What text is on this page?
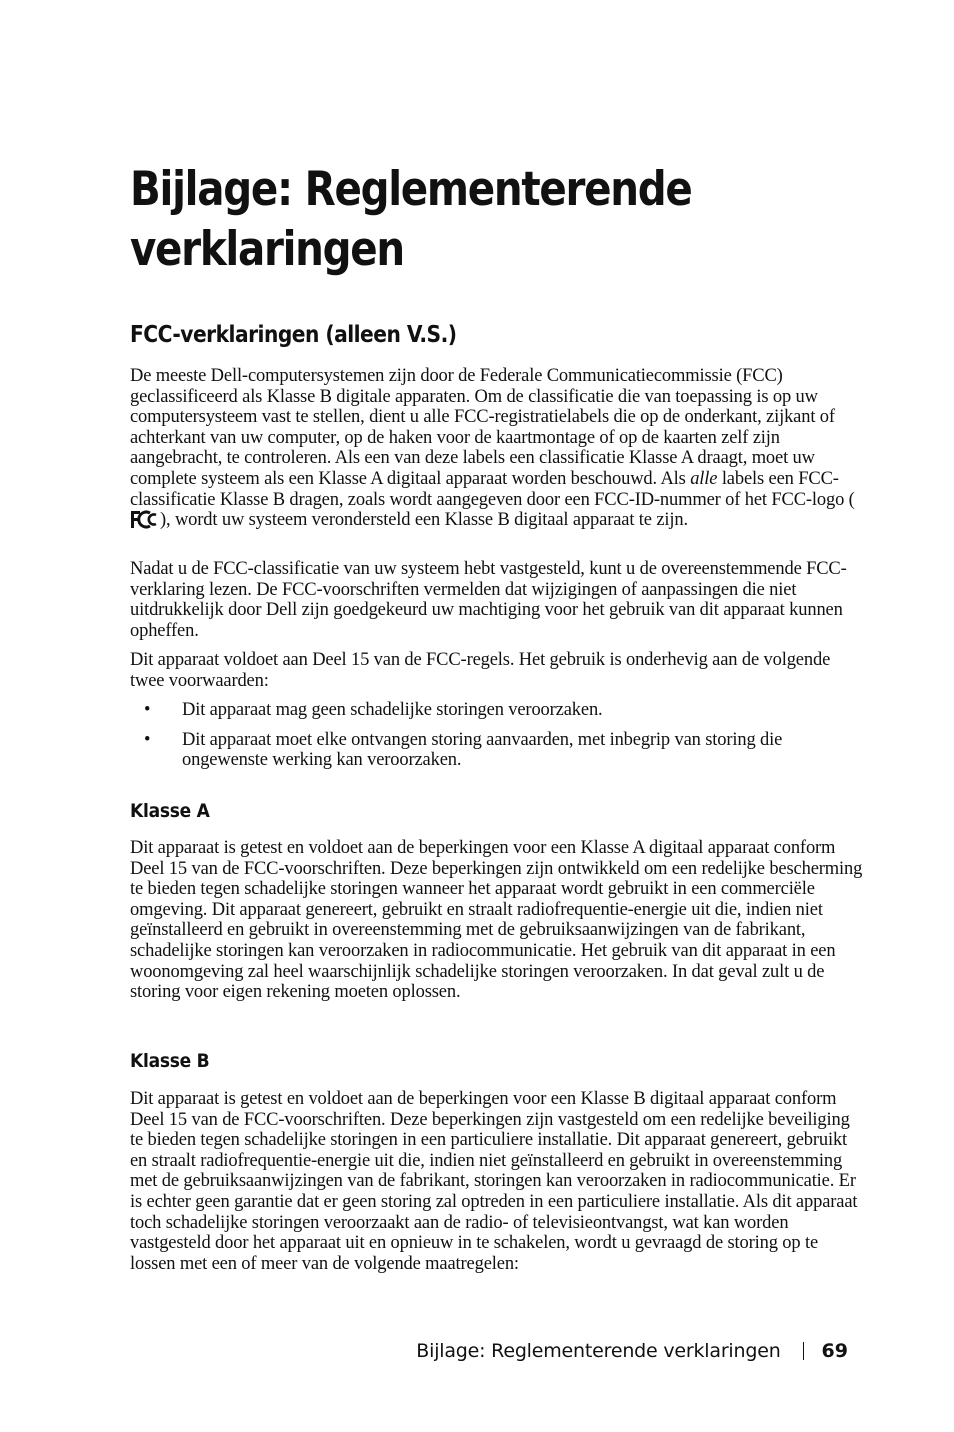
Bijlage: Reglementerende verklaringen
FCC-verklaringen (alleen V.S.)

De meeste Dell-computersystemen zijn door de Federale Communicatiecommissie (FCC) geclassificeerd als Klasse B digitale apparaten. Om de classificatie die van toepassing is op uw computersysteem vast te stellen, dient u alle FCC-registratielabels die op de onderkant, zijkant of achterkant van uw computer, op de haken voor de kaartmontage of op de kaarten zelf zijn aangebracht, te controleren. Als een van deze labels een classificatie Klasse A draagt, moet uw complete systeem als een Klasse A digitaal apparaat worden beschouwd. Als alle labels een FCC-classificatie Klasse B dragen, zoals wordt aangegeven door een FCC-ID-nummer of het FCC-logo (), wordt uw systeem verondersteld een Klasse B digitaal apparaat te zijn.

Nadat u de FCC-classificatie van uw systeem hebt vastgesteld, kunt u de overeenstemmende FCC-verklaring lezen. De FCC-voorschriften vermelden dat wijzigingen of aanpassingen die niet uitdrukkelijk door Dell zijn goedgekeurd uw machtiging voor het gebruik van dit apparaat kunnen opheffen.

Dit apparaat voldoet aan Deel 15 van de FCC-regels. Het gebruik is onderhevig aan de volgende twee voorwaarden:

• Dit apparaat mag geen schadelijke storingen veroorzaken.
• Dit apparaat moet elke ontvangen storing aanvaarden, met inbegrip van storing die ongewenste werking kan veroorzaken.
Klasse A

Dit apparaat is getest en voldoet aan de beperkingen voor een Klasse A digitaal apparaat conform Deel 15 van de FCC-voorschriften. Deze beperkingen zijn ontwikkeld om een redelijke bescherming te bieden tegen schadelijke storingen wanneer het apparaat wordt gebruikt in een commerciële omgeving. Dit apparaat genereert, gebruikt en straalt radiofrequentie-energie uit die, indien niet geïnstalleerd en gebruikt in overeenstemming met de gebruiksaanwijzingen van de fabrikant, schadelijke storingen kan veroorzaken in radiocommunicatie. Het gebruik van dit apparaat in een woonomgeving zal heel waarschijnlijk schadelijke storingen veroorzaken. In dat geval zult u de storing voor eigen rekening moeten oplossen.

Klasse B

Dit apparaat is getest en voldoet aan de beperkingen voor een Klasse B digitaal apparaat conform Deel 15 van de FCC-voorschriften. Deze beperkingen zijn vastgesteld om een redelijke beveiliging te bieden tegen schadelijke storingen in een particuliere installatie. Dit apparaat genereert, gebruikt en straalt radiofrequentie-energie uit die, indien niet geïnstalleerd en gebruikt in overeenstemming met de gebruiksaanwijzingen van de fabrikant, storingen kan veroorzaken in radiocommunicatie. Er is echter geen garantie dat er geen storing zal optreden in een particuliere installatie. Als dit apparaat toch schadelijke storingen veroorzaakt aan de radio- of televisieontvangst, wat kan worden vastgesteld door het apparaat uit en opnieuw in te schakelen, wordt u gevraagd de storing op te lossen met een of meer van de volgende maatregelen:

Bijlage: Reglementerende verklaringen 69
